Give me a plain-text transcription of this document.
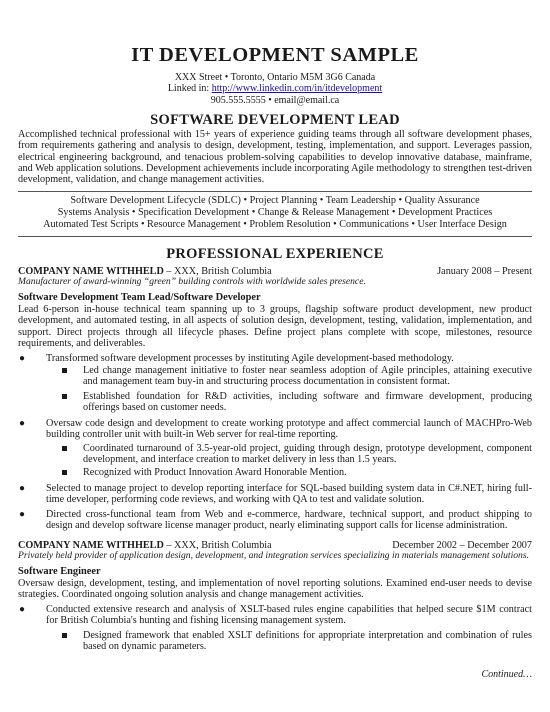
IT DEVELOPMENT SAMPLE
XXX Street • Toronto, Ontario M5M 3G6 Canada
Linked in: http://www.linkedin.com/in/itdevelopment
905.555.5555 • email@email.ca
SOFTWARE DEVELOPMENT LEAD

Accomplished technical professional with 15+ years of experience guiding teams through all software development phases, from requirements gathering and analysis to design, development, testing, implementation, and support. Leverages passion, electrical engineering background, and tenacious problem-solving capabilities to develop innovative database, mainframe, and Web application solutions. Development achievements include incorporating Agile methodology to strengthen test-driven development, validation, and change management activities.

Software Development Lifecycle (SDLC) • Project Planning • Team Leadership • Quality Assurance
Systems Analysis • Specification Development • Change & Release Management • Development Practices
Automated Test Scripts • Resource Management • Problem Resolution • Communications • User Interface Design
PROFESSIONAL EXPERIENCE
COMPANY NAME WITHHELD – XXX, British Columbia	January 2008 – Present
Manufacturer of award-winning “green” building controls with worldwide sales presence.
Software Development Team Lead/Software Developer

Lead 6-person in-house technical team spanning up to 3 groups, flagship software product development, new product development, and automated testing, in all aspects of solution design, development, testing, validation, implementation, and support. Direct projects through all lifecycle phases. Define project plans complete with scope, milestones, resource requirements, and deliverables.

● Transformed software development processes by instituting Agile development-based methodology.
Led change management initiative to foster near seamless adoption of Agile principles, attaining executive and management team buy-in and structuring process documentation in consistent format.
Established foundation for R&D activities, including software and firmware development, producing offerings based on customer needs.
● Oversaw code design and development to create working prototype and affect commercial launch of MACHPro-Web building controller unit with built-in Web server for real-time reporting.
Coordinated turnaround of 3.5-year-old project, guiding through design, prototype development, component development, and interface creation to market delivery in less than 1.5 years.
Recognized with Product Innovation Award Honorable Mention.
● Selected to manage project to develop reporting interface for SQL-based building system data in C#.NET, hiring full-time developer, performing code reviews, and working with QA to test and validate solution.
● Directed cross-functional team from Web and e-commerce, hardware, technical support, and product shipping to design and develop software license manager product, nearly eliminating support calls for license administration.
COMPANY NAME WITHHELD – XXX, British Columbia	December 2002 – December 2007
Privately held provider of application design, development, and integration services specializing in materials management solutions.
Software Engineer

Oversaw design, development, testing, and implementation of novel reporting solutions. Examined end-user needs to devise strategies. Coordinated ongoing solution analysis and change management activities.

● Conducted extensive research and analysis of XSLT-based rules engine capabilities that helped secure $1M contract for British Columbia's hunting and fishing licensing management system.
Designed framework that enabled XSLT definitions for appropriate interpretation and combination of rules based on dynamic parameters.
Continued…
